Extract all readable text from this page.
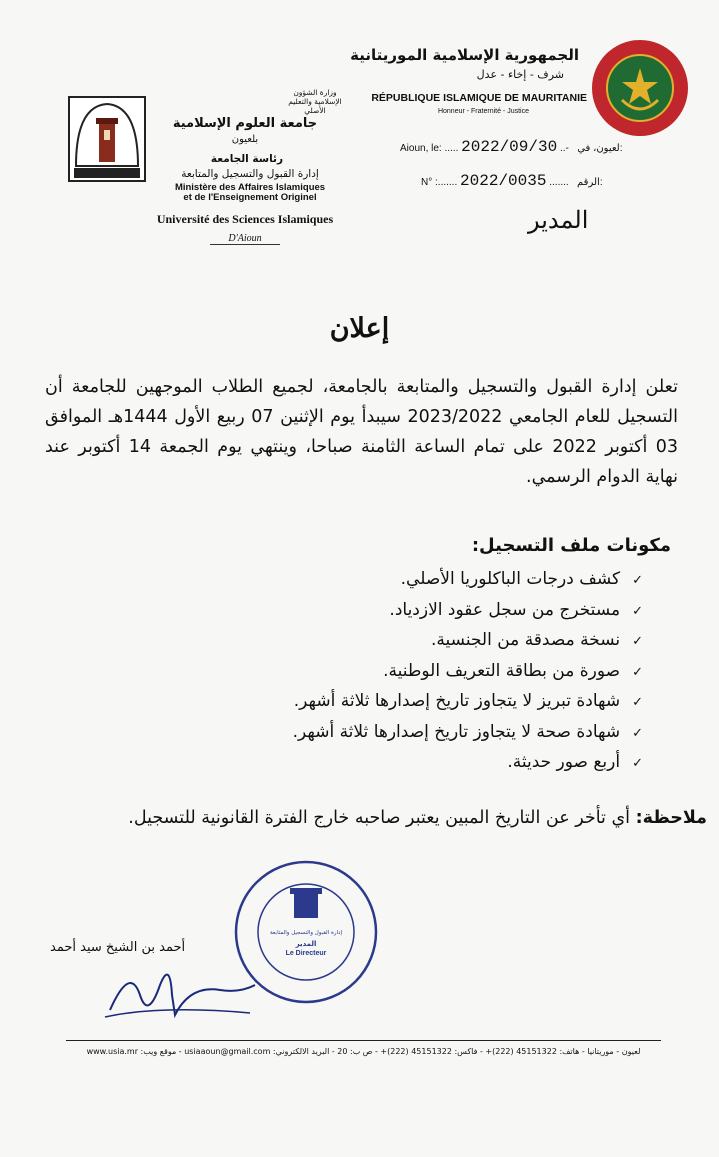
الجمهورية الإسلامية الموريتانية
شرف - إخاء - عدل
RÉPUBLIQUE ISLAMIQUE DE MAURITANIE
Honneur - Fraternité - Justice
Aioun, le: ..... 2022/09/30 ..-   لعيون، في:
N° :....... 2022/0035 .......   الرقم:
المدير
وزارة الشؤون الإسلامية والتعليم الأصلي
جامعة العلوم الإسلامية
بلعيون
رئاسة الجامعة
إدارة القبول والتسجيل والمتابعة
Ministère des Affaires Islamiques
et de l'Enseignement Originel
Université des Sciences Islamiques
D'Aioun
إعلان
تعلن إدارة القبول والتسجيل والمتابعة بالجامعة، لجميع الطلاب الموجهين للجامعة أن التسجيل للعام الجامعي 2023/2022 سيبدأ يوم الإثنين 07 ربيع الأول 1444هـ الموافق 03 أكتوبر 2022 على تمام الساعة الثامنة صباحا، وينتهي يوم الجمعة 14 أكتوبر عند نهاية الدوام الرسمي.
مكونات ملف التسجيل:
✓كشف درجات الباكلوريا الأصلي.
✓مستخرج من سجل عقود الازدياد.
✓نسخة مصدقة من الجنسية.
✓صورة من بطاقة التعريف الوطنية.
✓شهادة تبريز لا يتجاوز تاريخ إصدارها ثلاثة أشهر.
✓شهادة صحة لا يتجاوز تاريخ إصدارها ثلاثة أشهر.
✓أربع صور حديثة.
ملاحظة: أي تأخر عن التاريخ المبين يعتبر صاحبه خارج الفترة القانونية للتسجيل.
إدارة القبول والتسجيل والمتابعة
المدير
Le Directeur
أحمد بن الشيخ سيد أحمد
لعيون - موريتانيا - هاتف: 45151322 (222)+ - فاكس: 45151322 (222)+ - ص ب: 20 - البريد الالكتروني: usiaaoun@gmail.com - موقع ويب: www.usia.mr
